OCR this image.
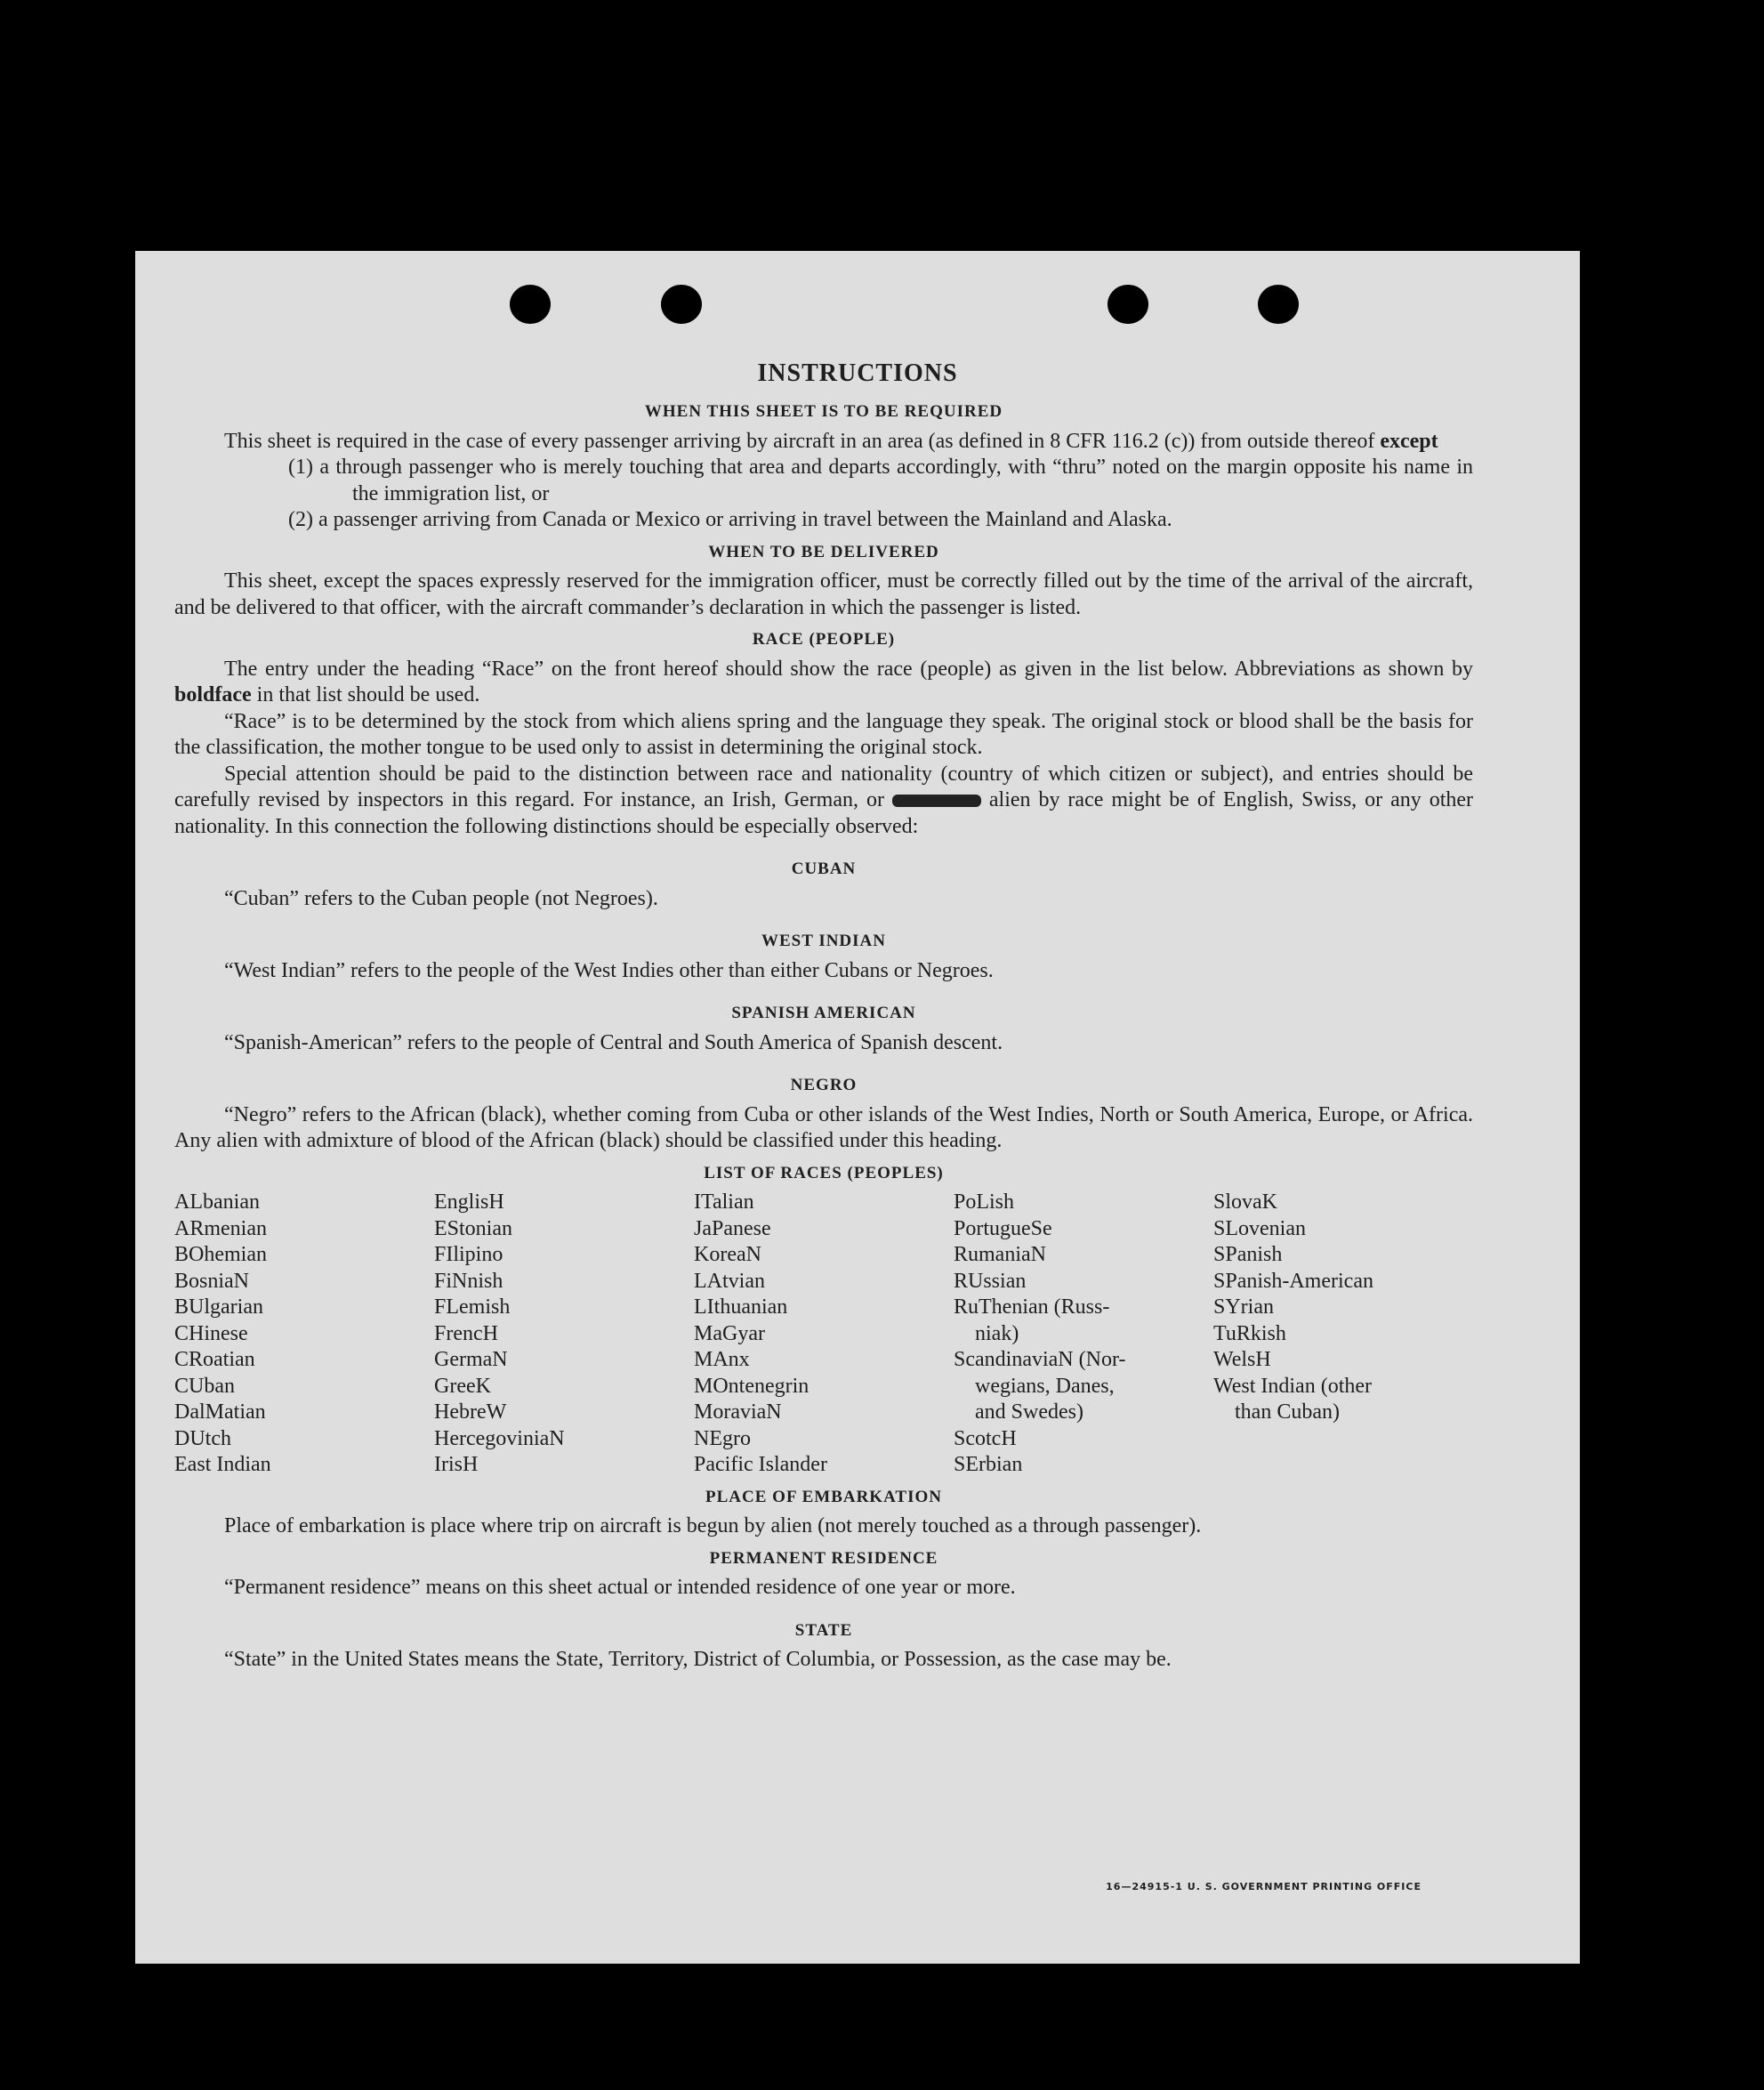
INSTRUCTIONS
WHEN THIS SHEET IS TO BE REQUIRED

This sheet is required in the case of every passenger arriving by aircraft in an area (as defined in 8 CFR 116.2 (c)) from outside thereof except

(1) a through passenger who is merely touching that area and departs accordingly, with “thru” noted on the margin opposite his name in the immigration list, or
(2) a passenger arriving from Canada or Mexico or arriving in travel between the Mainland and Alaska.
WHEN TO BE DELIVERED

This sheet, except the spaces expressly reserved for the immigration officer, must be correctly filled out by the time of the arrival of the aircraft, and be delivered to that officer, with the aircraft commander’s declaration in which the passenger is listed.

RACE (PEOPLE)

The entry under the heading “Race” on the front hereof should show the race (people) as given in the list below. Abbreviations as shown by boldface in that list should be used.

“Race” is to be determined by the stock from which aliens spring and the language they speak. The original stock or blood shall be the basis for the classification, the mother tongue to be used only to assist in determining the original stock.

Special attention should be paid to the distinction between race and nationality (country of which citizen or subject), and entries should be carefully revised by inspectors in this regard. For instance, an Irish, German, or	alien by race might be of English, Swiss, or any other nationality. In this connection the following distinctions should be especially observed:

CUBAN

“Cuban” refers to the Cuban people (not Negroes).

WEST INDIAN

“West Indian” refers to the people of the West Indies other than either Cubans or Negroes.

SPANISH AMERICAN

“Spanish-American” refers to the people of Central and South America of Spanish descent.

NEGRO

“Negro” refers to the African (black), whether coming from Cuba or other islands of the West Indies, North or South America, Europe, or Africa. Any alien with admixture of blood of the African (black) should be classified under this heading.

LIST OF RACES (PEOPLES)
ALbanian
ARmenian
BOhemian
BosniaN
BUlgarian
CHinese
CRoatian
CUban
DalMatian
DUtch
East Indian
EnglisH
EStonian
FIlipino
FiNnish
FLemish
FrencH
GermaN
GreeK
HebreW
HercegoviniaN
IrisH
ITalian
JaPanese
KoreaN
LAtvian
LIthuanian
MaGyar
MAnx
MOntenegrin
MoraviaN
NEgro
Pacific Islander
PoLish
PortugueSe
RumaniaN
RUssian
RuThenian (Russ-
niak)
ScandinaviaN (Nor-
wegians, Danes,
and Swedes)
ScotcH
SErbian
SlovaK
SLovenian
SPanish
SPanish-American
SYrian
TuRkish
WelsH
West Indian (other
than Cuban)
PLACE OF EMBARKATION

Place of embarkation is place where trip on aircraft is begun by alien (not merely touched as a through passenger).

PERMANENT RESIDENCE

“Permanent residence” means on this sheet actual or intended residence of one year or more.

STATE

“State” in the United States means the State, Territory, District of Columbia, or Possession, as the case may be.

16—24915-1 U. S. GOVERNMENT PRINTING OFFICE
